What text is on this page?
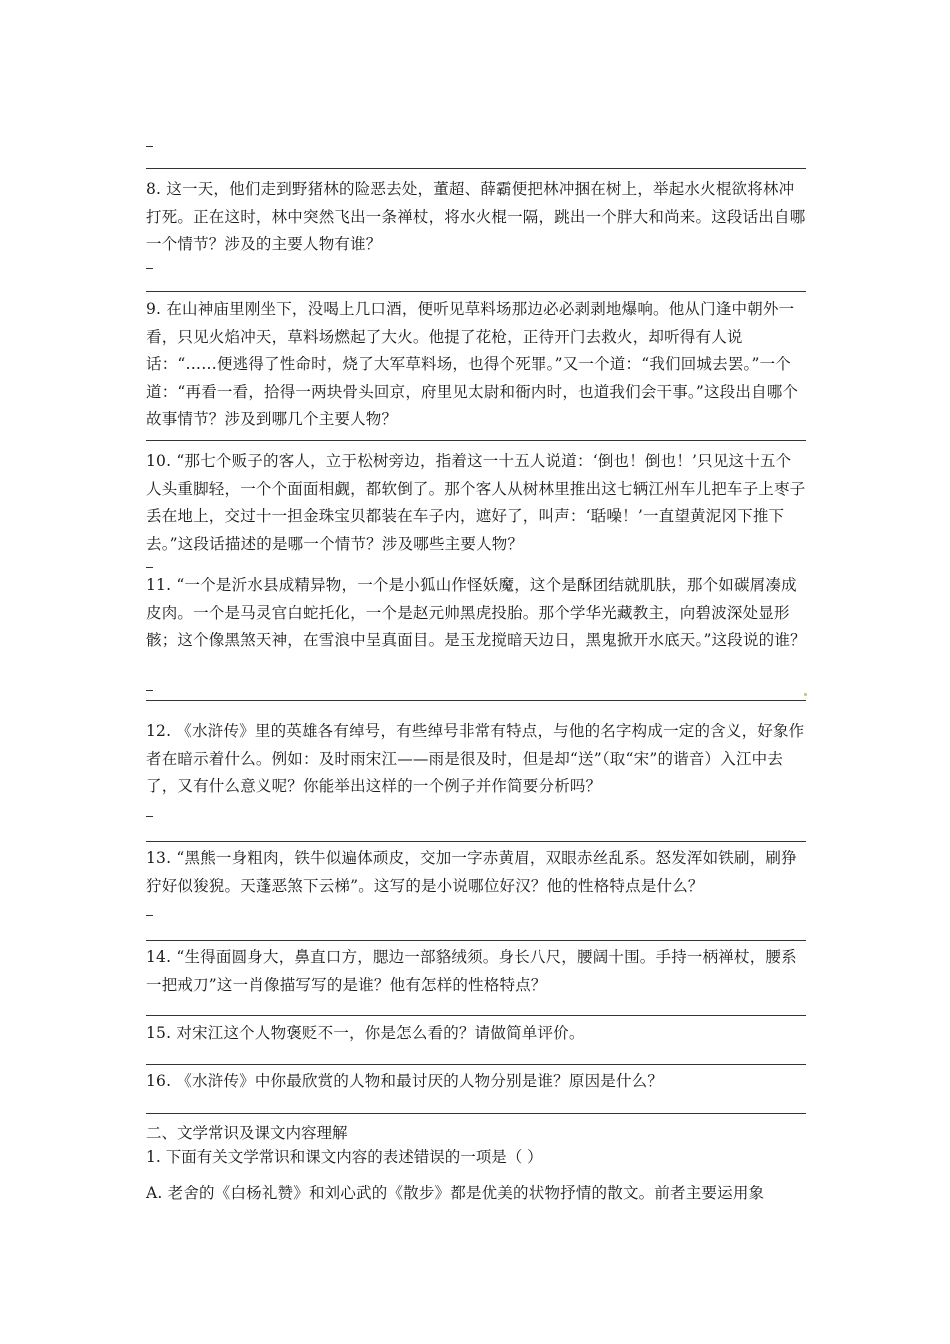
8. 这一天，他们走到野猪林的险恶去处，董超、薛霸便把林冲捆在树上，举起水火棍欲将林冲打死。正在这时，林中突然飞出一条禅杖，将水火棍一隔，跳出一个胖大和尚来。这段话出自哪一个情节？涉及的主要人物有谁？
9. 在山神庙里刚坐下，没喝上几口酒，便听见草料场那边必必剥剥地爆响。他从门逢中朝外一看，只见火焰冲天，草料场燃起了大火。他提了花枪，正待开门去救火，却听得有人说话：“……便逃得了性命时，烧了大军草料场，也得个死罪。”又一个道：“我们回城去罢。”一个道：“再看一看，拾得一两块骨头回京，府里见太尉和衙内时，也道我们会干事。”这段出自哪个故事情节？涉及到哪几个主要人物？
10. “那七个贩子的客人，立于松树旁边，指着这一十五人说道：‘倒也！倒也！’只见这十五个人头重脚轻，一个个面面相觑，都软倒了。那个客人从树林里推出这七辆江州车儿把车子上枣子丢在地上，交过十一担金珠宝贝都装在车子内，遮好了，叫声：‘聒噪！’一直望黄泥冈下推下去。”这段话描述的是哪一个情节？涉及哪些主要人物？
11. “一个是沂水县成精异物，一个是小狐山作怪妖魔，这个是酥团结就肌肤，那个如碳屑凑成皮肉。一个是马灵官白蛇托化，一个是赵元帅黑虎投胎。那个学华光藏教主，向碧波深处显形骸；这个像黑煞天神，在雪浪中呈真面目。是玉龙搅暗天边日，黑鬼掀开水底天。”这段说的谁？
12. 《水浒传》里的英雄各有绰号，有些绰号非常有特点，与他的名字构成一定的含义，好象作者在暗示着什么。例如：及时雨宋江——雨是很及时，但是却“送”（取“宋”的谐音）入江中去了，又有什么意义呢？你能举出这样的一个例子并作简要分析吗？
13. “黑熊一身粗肉，铁牛似遍体顽皮，交加一字赤黄眉，双眼赤丝乱系。怒发浑如铁刷，刷狰狞好似狻猊。天蓬恶煞下云梯”。这写的是小说哪位好汉？他的性格特点是什么？
14. “生得面圆身大，鼻直口方，腮边一部貉绒须。身长八尺，腰阔十围。手持一柄禅杖，腰系一把戒刀”这一肖像描写写的是谁？他有怎样的性格特点？
15. 对宋江这个人物褒贬不一，你是怎么看的？请做简单评价。
16. 《水浒传》中你最欣赏的人物和最讨厌的人物分别是谁？原因是什么？
二、文学常识及课文内容理解
1. 下面有关文学常识和课文内容的表述错误的一项是（ ）
A. 老舍的《白杨礼赞》和刘心武的《散步》都是优美的状物抒情的散文。前者主要运用象
